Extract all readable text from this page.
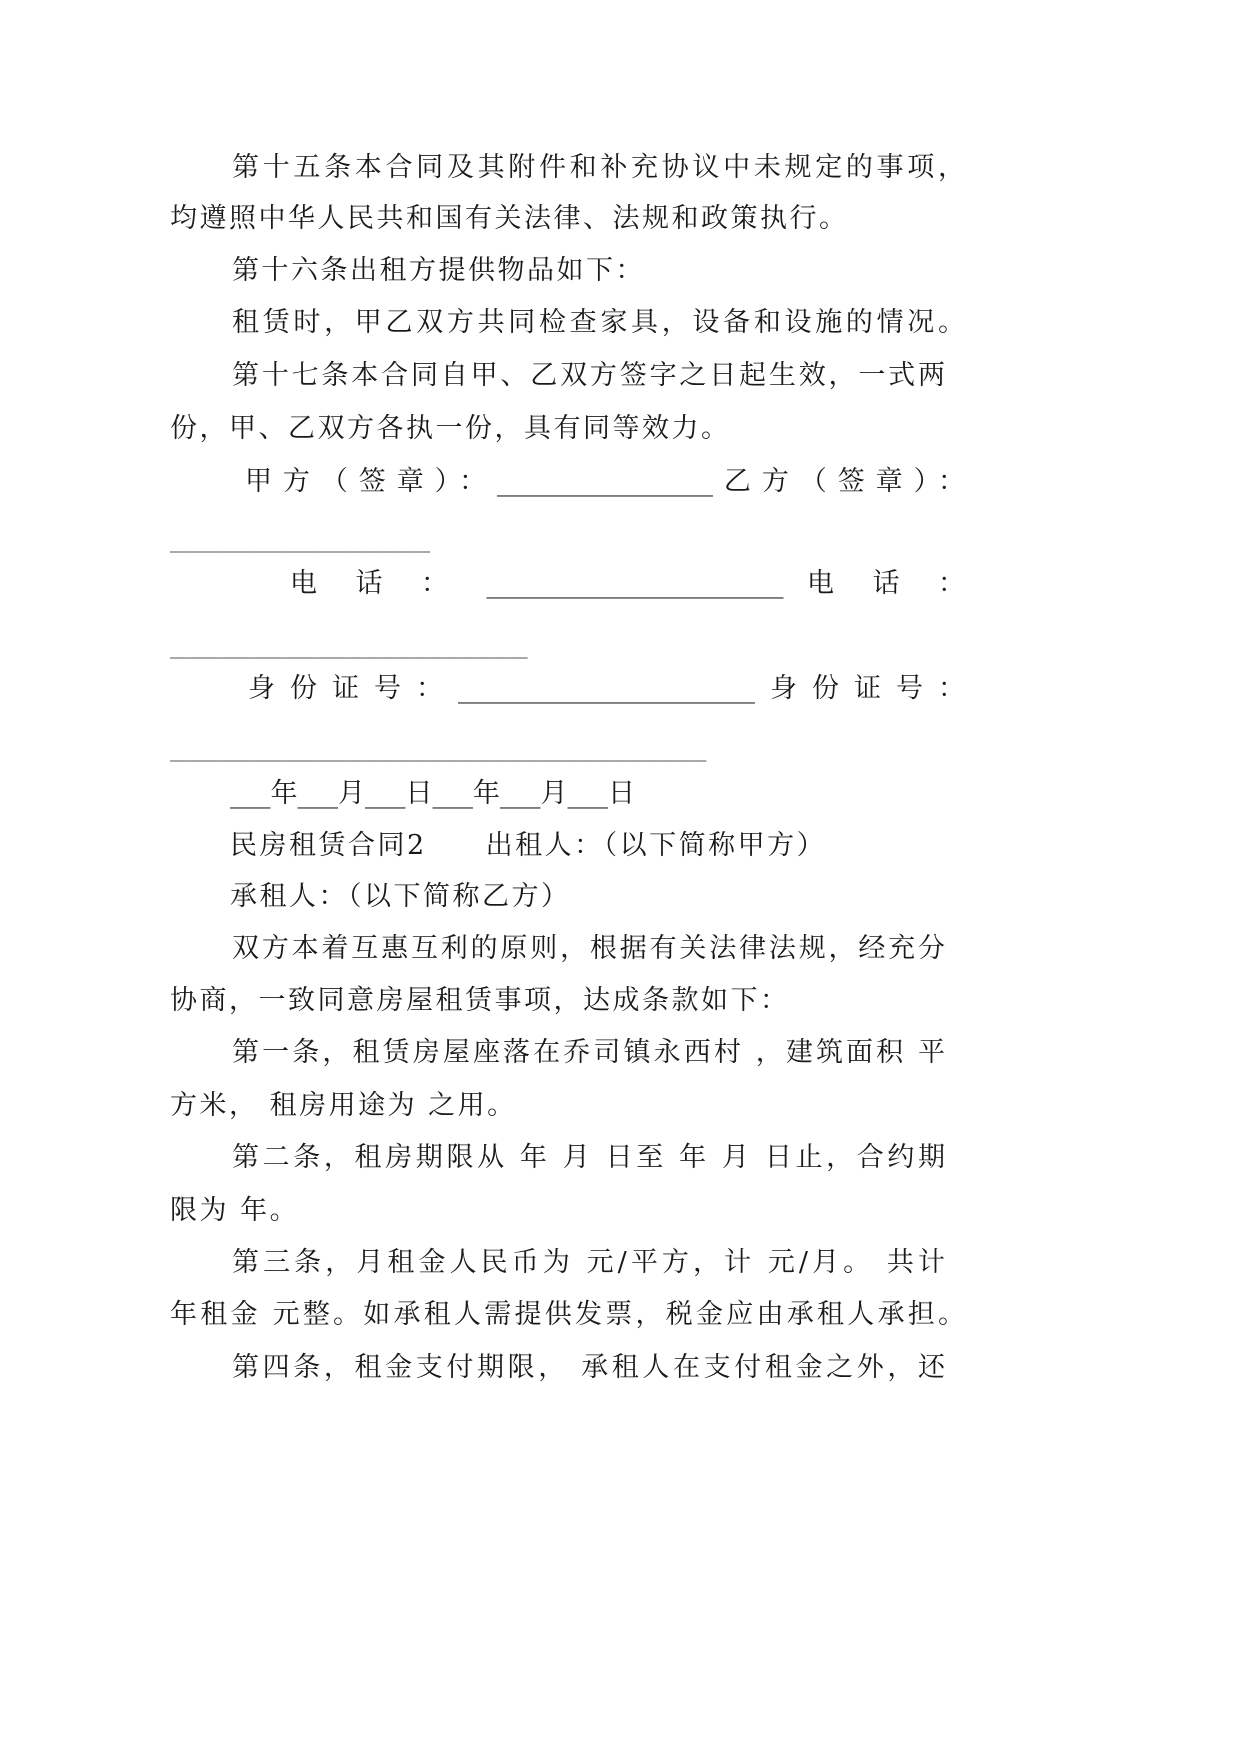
第十五条本合同及其附件和补充协议中未规定的事项，
均遵照中华人民共和国有关法律、法规和政策执行。
第十六条出租方提供物品如下：
租赁时，甲乙双方共同检查家具，设备和设施的情况。
第十七条本合同自甲、乙双方签字之日起生效，一式两
份，甲、乙双方各执一份，具有同等效力。
甲方（签章）：________________乙方（签章）：
________________
电 话 ： ______________________ 电 话 ：
______________________
身份证号：______________________身份证号：
_________________________________
___年___月___日___年___月___日
民房租赁合同2　　出租人：（以下简称甲方）
承租人：（以下简称乙方）
双方本着互惠互利的原则，根据有关法律法规，经充分
协商，一致同意房屋租赁事项，达成条款如下：
第一条，租赁房屋座落在乔司镇永西村 ，建筑面积 平
方米， 租房用途为 之用。
第二条，租房期限从 年 月 日至 年 月 日止，合约期
限为 年。
第三条，月租金人民币为 元/平方，计 元/月。 共计
年租金 元整。如承租人需提供发票，税金应由承租人承担。
第四条，租金支付期限， 承租人在支付租金之外，还
